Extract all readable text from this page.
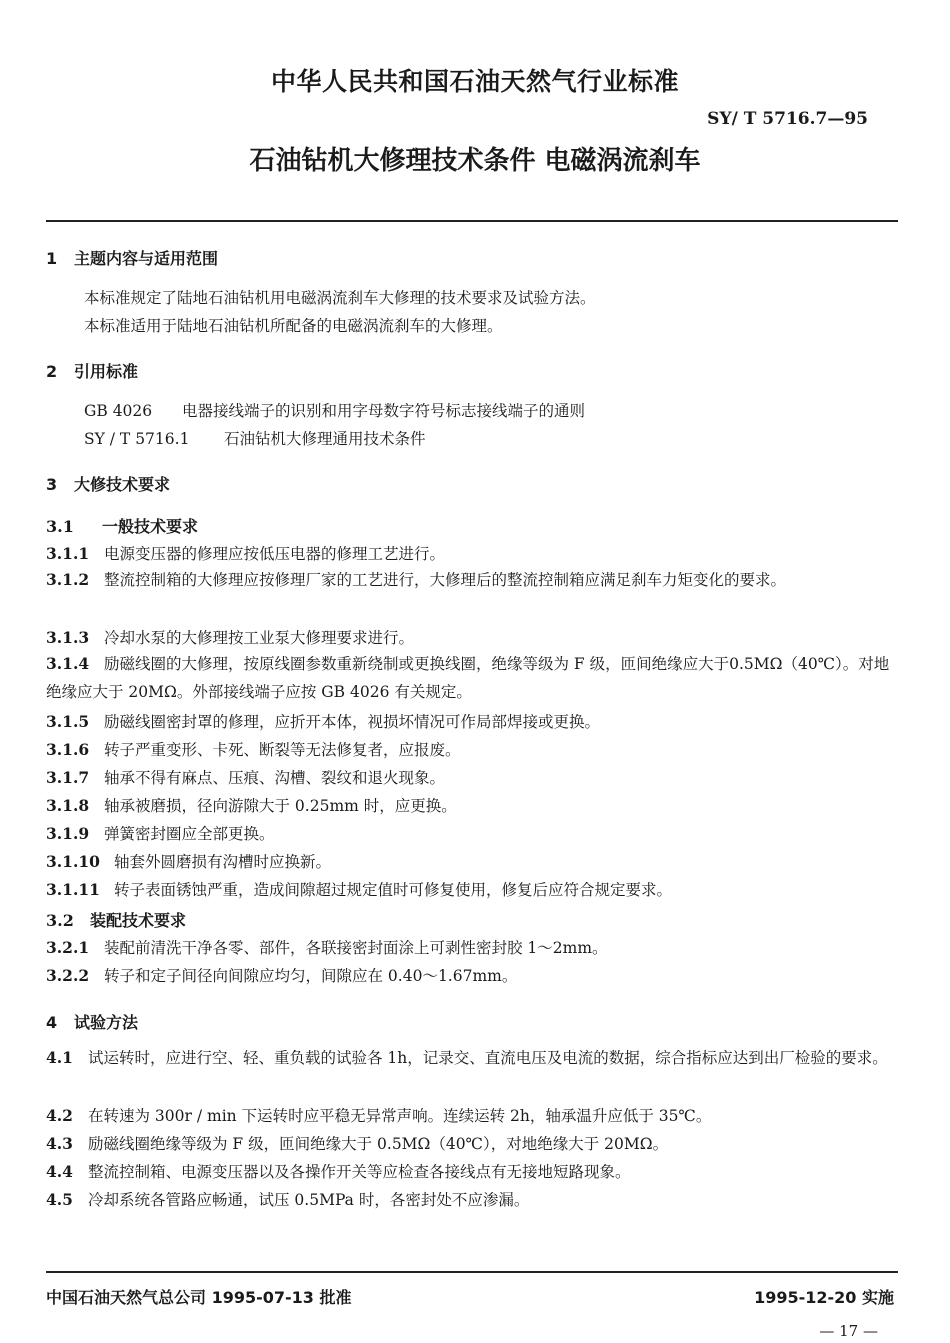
中华人民共和国石油天然气行业标准
SY/ T 5716.7—95
石油钻机大修理技术条件 电磁涡流刹车
1 主题内容与适用范围
本标准规定了陆地石油钻机用电磁涡流刹车大修理的技术要求及试验方法。
本标准适用于陆地石油钻机所配备的电磁涡流刹车的大修理。
2 引用标准
GB 4026 电器接线端子的识别和用字母数字符号标志接线端子的通则
SY / T 5716.1 石油钻机大修理通用技术条件
3 大修技术要求
3.1 一般技术要求
3.1.1 电源变压器的修理应按低压电器的修理工艺进行。
3.1.2 整流控制箱的大修理应按修理厂家的工艺进行，大修理后的整流控制箱应满足刹车力矩变化的要求。
3.1.3 冷却水泵的大修理按工业泵大修理要求进行。
3.1.4 励磁线圈的大修理，按原线圈参数重新绕制或更换线圈，绝缘等级为 F 级，匝间绝缘应大于0.5MΩ（40℃）。对地绝缘应大于 20MΩ。外部接线端子应按 GB 4026 有关规定。
3.1.5 励磁线圈密封罩的修理，应折开本体，视损坏情况可作局部焊接或更换。
3.1.6 转子严重变形、卡死、断裂等无法修复者，应报废。
3.1.7 轴承不得有麻点、压痕、沟槽、裂纹和退火现象。
3.1.8 轴承被磨损，径向游隙大于 0.25mm 时，应更换。
3.1.9 弹簧密封圈应全部更换。
3.1.10 轴套外圆磨损有沟槽时应换新。
3.1.11 转子表面锈蚀严重，造成间隙超过规定值时可修复使用，修复后应符合规定要求。
3.2 装配技术要求
3.2.1 装配前清洗干净各零、部件，各联接密封面涂上可剥性密封胶 1～2mm。
3.2.2 转子和定子间径向间隙应均匀，间隙应在 0.40～1.67mm。
4 试验方法
4.1 试运转时，应进行空、轻、重负载的试验各 1h，记录交、直流电压及电流的数据，综合指标应达到出厂检验的要求。
4.2 在转速为 300r / min 下运转时应平稳无异常声响。连续运转 2h，轴承温升应低于 35℃。
4.3 励磁线圈绝缘等级为 F 级，匝间绝缘大于 0.5MΩ（40℃），对地绝缘大于 20MΩ。
4.4 整流控制箱、电源变压器以及各操作开关等应检查各接线点有无接地短路现象。
4.5 冷却系统各管路应畅通，试压 0.5MPa 时，各密封处不应渗漏。
中国石油天然气总公司 1995-07-13 批准	1995-12-20 实施
— 17 —
